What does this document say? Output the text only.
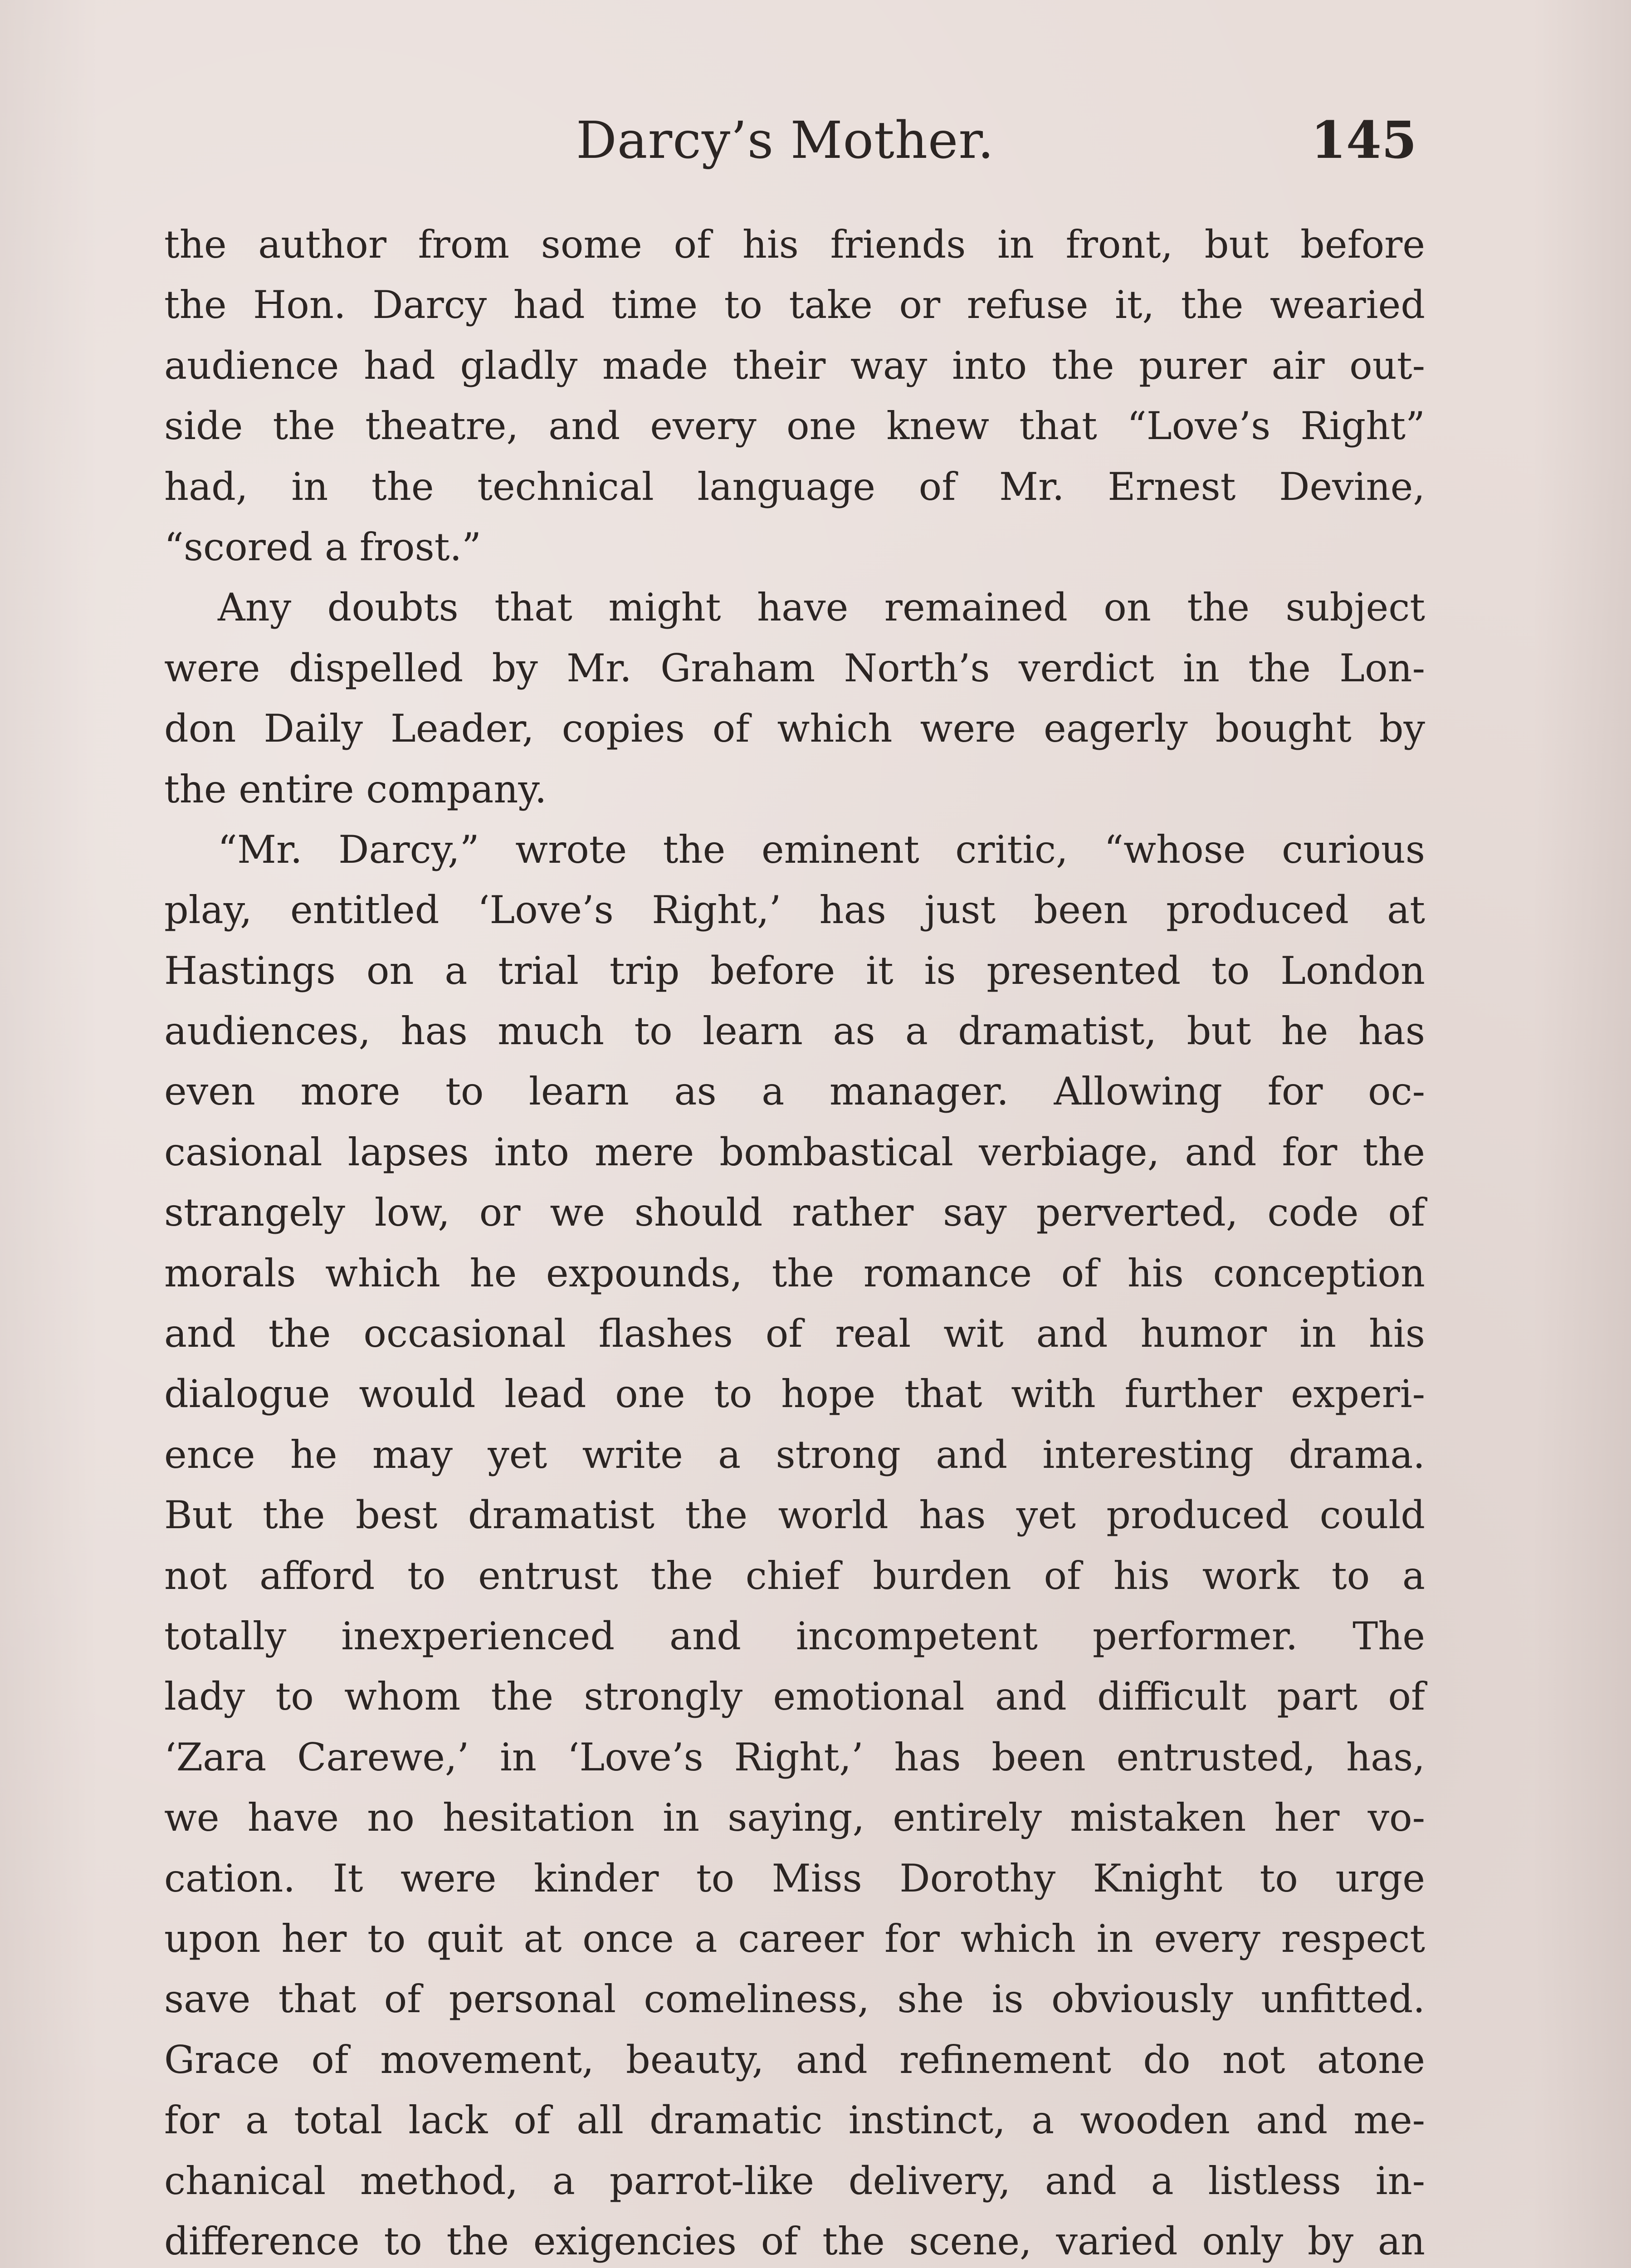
Darcy’s Mother.	145
the author from some of his friends in front, but before
the Hon. Darcy had time to take or refuse it, the wearied
audience had gladly made their way into the purer air out-
side the theatre, and every one knew that “Love’s Right”
had, in the technical language of Mr. Ernest Devine,
“scored a frost.”
Any doubts that might have remained on the subject
were dispelled by Mr. Graham North’s verdict in the Lon-
don Daily Leader, copies of which were eagerly bought by
the entire company.
“Mr. Darcy,” wrote the eminent critic, “whose curious
play, entitled ‘Love’s Right,’ has just been produced at
Hastings on a trial trip before it is presented to London
audiences, has much to learn as a dramatist, but he has
even more to learn as a manager. Allowing for oc-
casional lapses into mere bombastical verbiage, and for the
strangely low, or we should rather say perverted, code of
morals which he expounds, the romance of his conception
and the occasional flashes of real wit and humor in his
dialogue would lead one to hope that with further experi-
ence he may yet write a strong and interesting drama.
But the best dramatist the world has yet produced could
not afford to entrust the chief burden of his work to a
totally inexperienced and incompetent performer. The
lady to whom the strongly emotional and difficult part of
‘Zara Carewe,’ in ‘Love’s Right,’ has been entrusted, has,
we have no hesitation in saying, entirely mistaken her vo-
cation. It were kinder to Miss Dorothy Knight to urge
upon her to quit at once a career for which in every respect
save that of personal comeliness, she is obviously unfitted.
Grace of movement, beauty, and refinement do not atone
for a total lack of all dramatic instinct, a wooden and me-
chanical method, a parrot-like delivery, and a listless in-
difference to the exigencies of the scene, varied only by an
